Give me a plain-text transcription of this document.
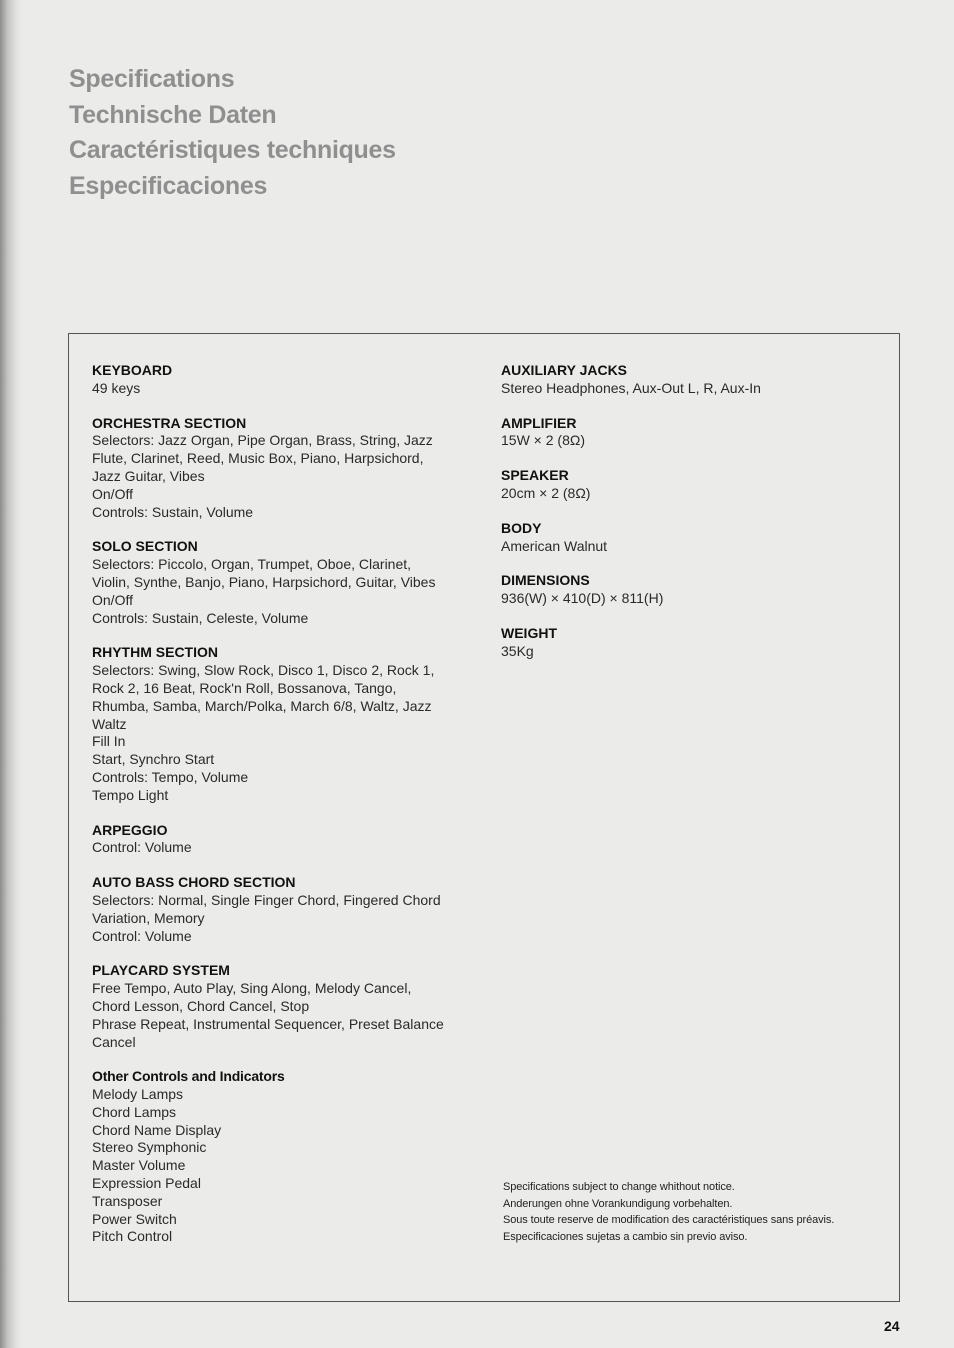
Specifications
Technische Daten
Caractéristiques techniques
Especificaciones
KEYBOARD
49 keys
ORCHESTRA SECTION
Selectors: Jazz Organ, Pipe Organ, Brass, String, Jazz
Flute, Clarinet, Reed, Music Box, Piano, Harpsichord,
Jazz Guitar, Vibes
On/Off
Controls: Sustain, Volume
SOLO SECTION
Selectors: Piccolo, Organ, Trumpet, Oboe, Clarinet,
Violin, Synthe, Banjo, Piano, Harpsichord, Guitar, Vibes
On/Off
Controls: Sustain, Celeste, Volume
RHYTHM SECTION
Selectors: Swing, Slow Rock, Disco 1, Disco 2, Rock 1,
Rock 2, 16 Beat, Rock'n Roll, Bossanova, Tango,
Rhumba, Samba, March/Polka, March 6/8, Waltz, Jazz
Waltz
Fill In
Start, Synchro Start
Controls: Tempo, Volume
Tempo Light
ARPEGGIO
Control: Volume
AUTO BASS CHORD SECTION
Selectors: Normal, Single Finger Chord, Fingered Chord
Variation, Memory
Control: Volume
PLAYCARD SYSTEM
Free Tempo, Auto Play, Sing Along, Melody Cancel,
Chord Lesson, Chord Cancel, Stop
Phrase Repeat, Instrumental Sequencer, Preset Balance
Cancel
Other Controls and Indicators
Melody Lamps
Chord Lamps
Chord Name Display
Stereo Symphonic
Master Volume
Expression Pedal
Transposer
Power Switch
Pitch Control
AUXILIARY JACKS
Stereo Headphones, Aux-Out L, R, Aux-In
AMPLIFIER
15W × 2 (8Ω)
SPEAKER
20cm × 2 (8Ω)
BODY
American Walnut
DIMENSIONS
936(W) × 410(D) × 811(H)
WEIGHT
35Kg
Specifications subject to change whithout notice.
Anderungen ohne Vorankundigung vorbehalten.
Sous toute reserve de modification des caractéristiques sans préavis.
Especificaciones sujetas a cambio sin previo aviso.
24
